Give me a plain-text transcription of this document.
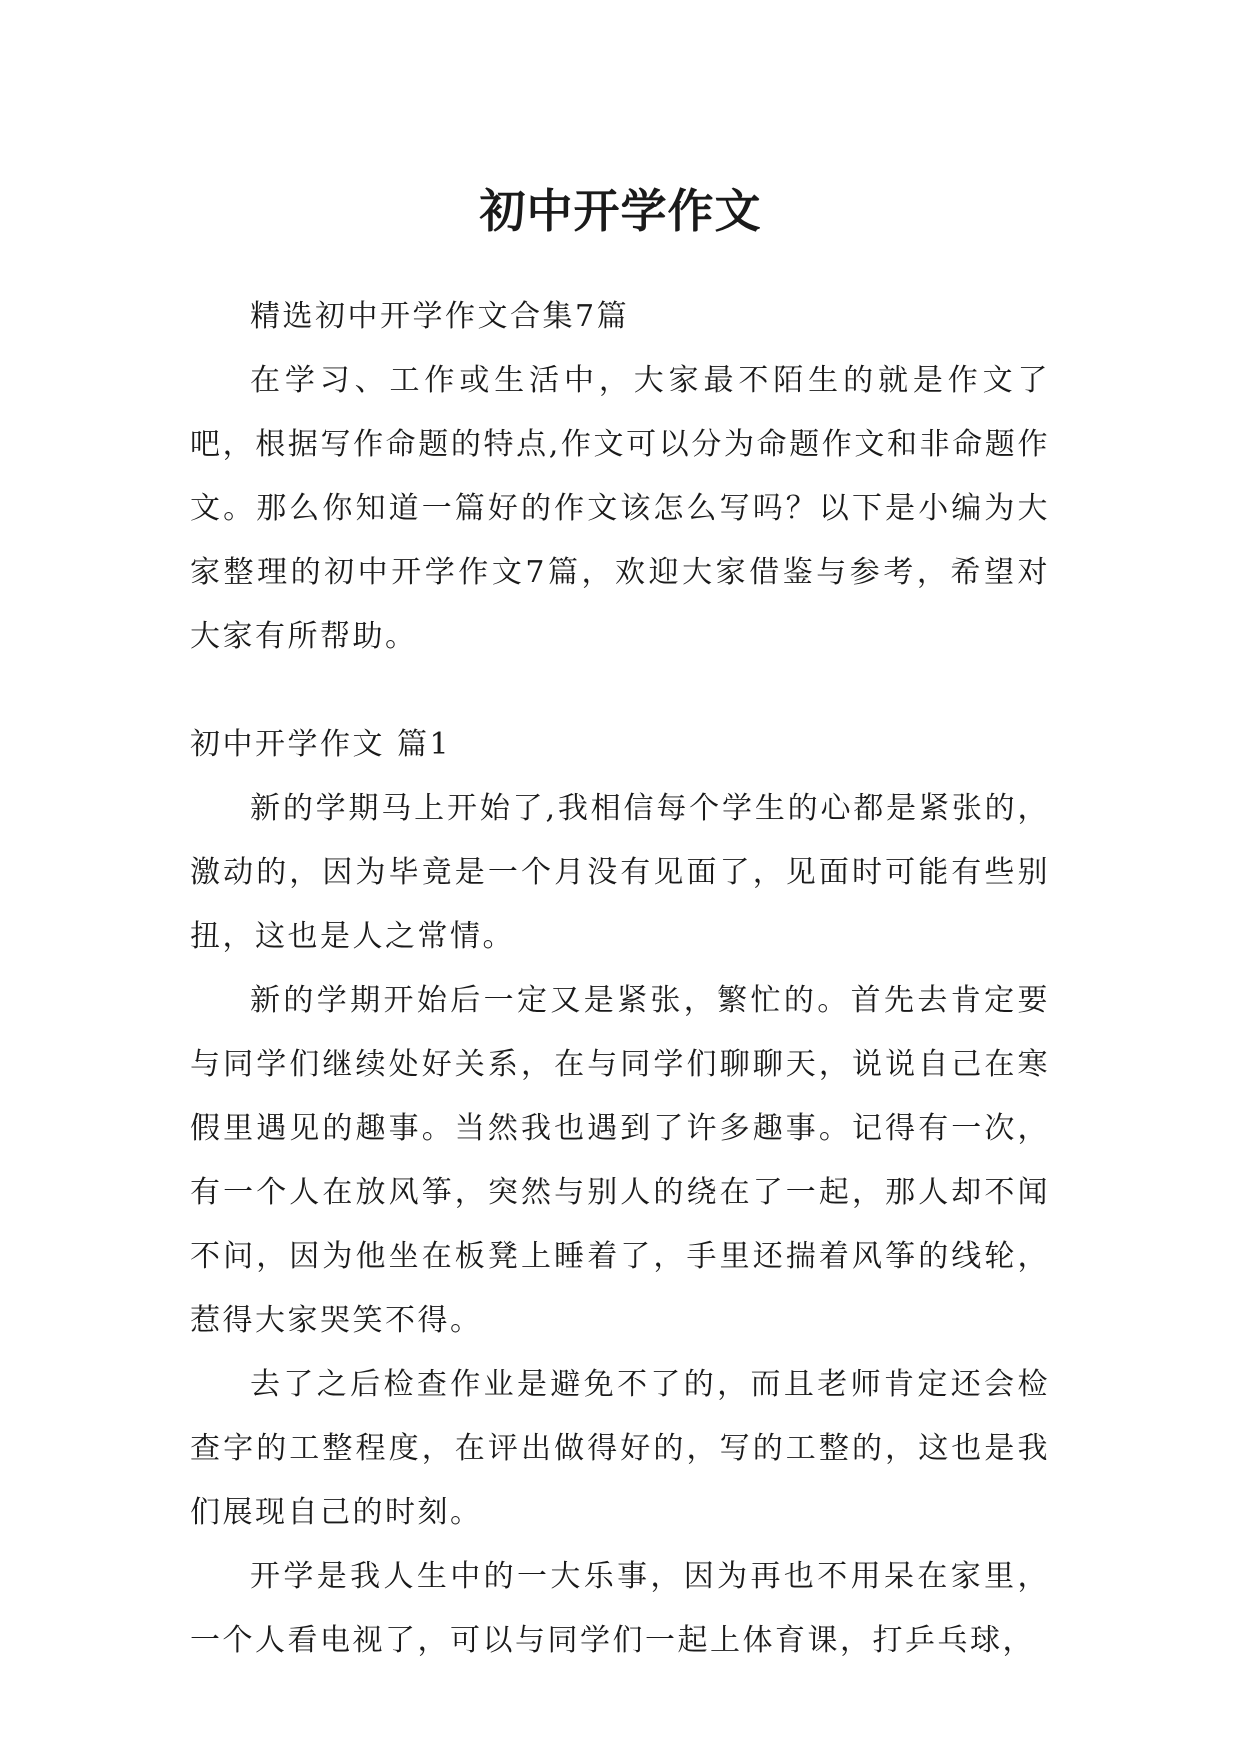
初中开学作文

精选初中开学作文合集7篇

在学习、工作或生活中，大家最不陌生的就是作文了吧，根据写作命题的特点,作文可以分为命题作文和非命题作文。那么你知道一篇好的作文该怎么写吗？以下是小编为大家整理的初中开学作文7篇，欢迎大家借鉴与参考，希望对大家有所帮助。

初中开学作文 篇1

新的学期马上开始了,我相信每个学生的心都是紧张的，激动的，因为毕竟是一个月没有见面了，见面时可能有些别扭，这也是人之常情。

新的学期开始后一定又是紧张，繁忙的。首先去肯定要与同学们继续处好关系，在与同学们聊聊天，说说自己在寒假里遇见的趣事。当然我也遇到了许多趣事。记得有一次，有一个人在放风筝，突然与别人的绕在了一起，那人却不闻不问，因为他坐在板凳上睡着了，手里还揣着风筝的线轮，惹得大家哭笑不得。

去了之后检查作业是避免不了的，而且老师肯定还会检查字的工整程度，在评出做得好的，写的工整的，这也是我们展现自己的时刻。

开学是我人生中的一大乐事，因为再也不用呆在家里，一个人看电视了，可以与同学们一起上体育课，打乒乓球，
